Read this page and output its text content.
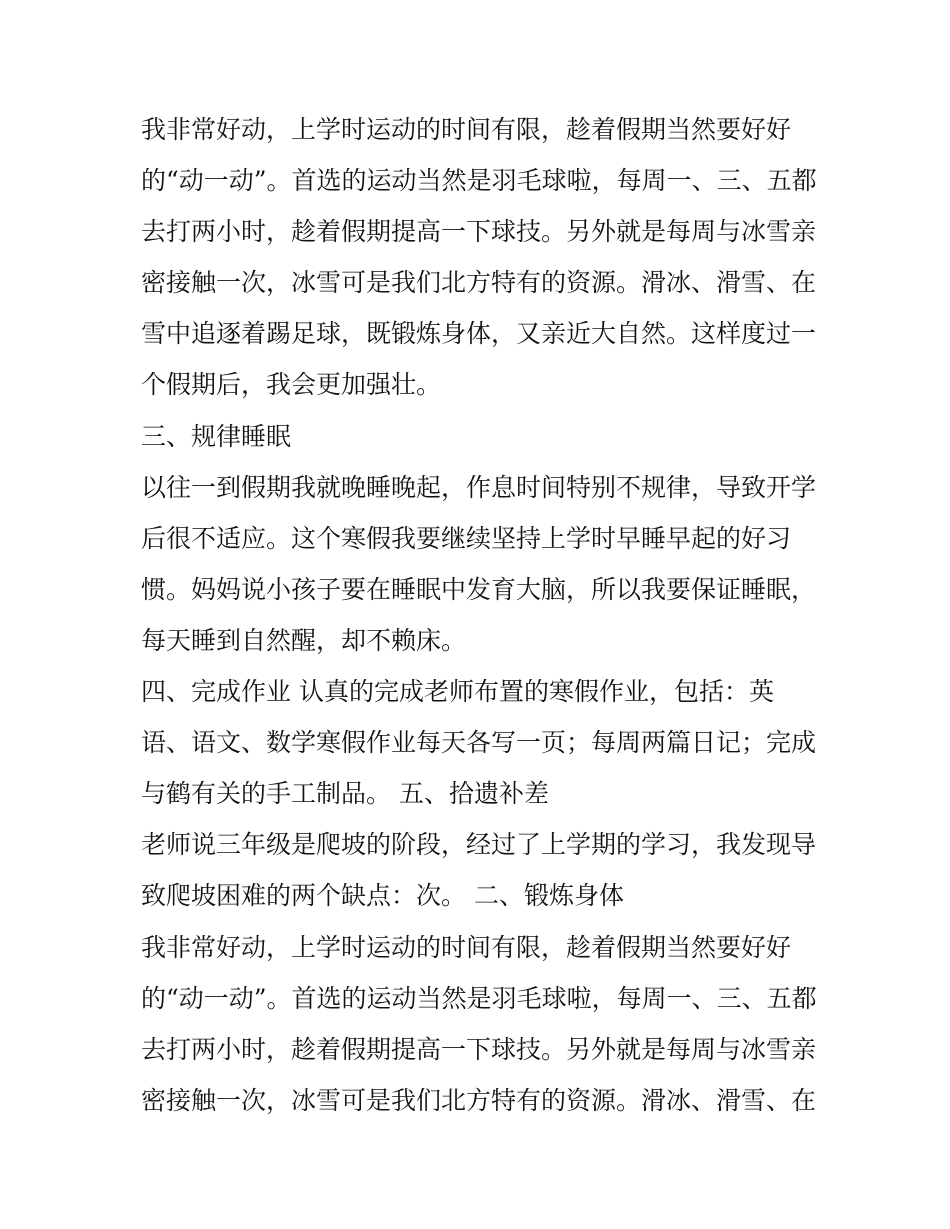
我非常好动，上学时运动的时间有限，趁着假期当然要好好

的“动一动”。首选的运动当然是羽毛球啦，每周一、三、五都

去打两小时，趁着假期提高一下球技。另外就是每周与冰雪亲

密接触一次，冰雪可是我们北方特有的资源。滑冰、滑雪、在

雪中追逐着踢足球，既锻炼身体，又亲近大自然。这样度过一

个假期后，我会更加强壮。

三、规律睡眠

以往一到假期我就晚睡晚起，作息时间特别不规律，导致开学

后很不适应。这个寒假我要继续坚持上学时早睡早起的好习

惯。妈妈说小孩子要在睡眠中发育大脑，所以我要保证睡眠，

每天睡到自然醒，却不赖床。

四、完成作业 认真的完成老师布置的寒假作业，包括：英

语、语文、数学寒假作业每天各写一页；每周两篇日记；完成

与鹤有关的手工制品。 五、拾遗补差

老师说三年级是爬坡的阶段，经过了上学期的学习，我发现导

致爬坡困难的两个缺点：次。 二、锻炼身体

我非常好动，上学时运动的时间有限，趁着假期当然要好好

的“动一动”。首选的运动当然是羽毛球啦，每周一、三、五都

去打两小时，趁着假期提高一下球技。另外就是每周与冰雪亲

密接触一次，冰雪可是我们北方特有的资源。滑冰、滑雪、在
